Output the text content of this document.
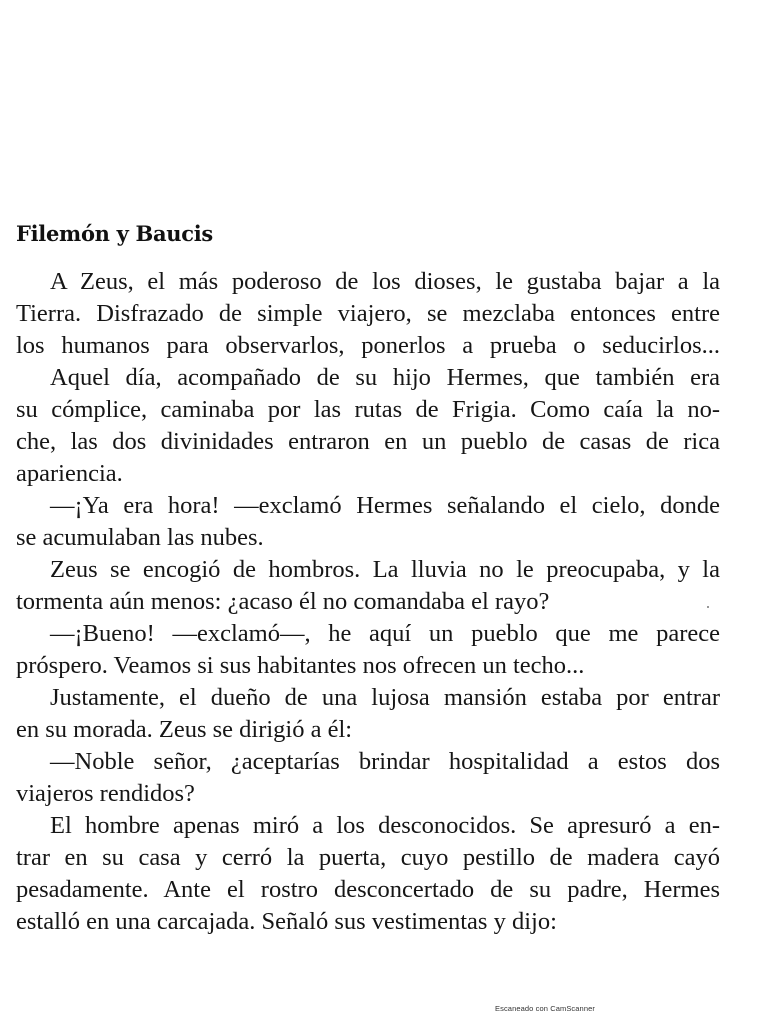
Filemón y Baucis
A Zeus, el más poderoso de los dioses, le gustaba bajar a la
Tierra. Disfrazado de simple viajero, se mezclaba entonces entre
los humanos para observarlos, ponerlos a prueba o seducirlos...
Aquel día, acompañado de su hijo Hermes, que también era
su cómplice, caminaba por las rutas de Frigia. Como caía la no-
che, las dos divinidades entraron en un pueblo de casas de rica
apariencia.
—¡Ya era hora! —exclamó Hermes señalando el cielo, donde
se acumulaban las nubes.
Zeus se encogió de hombros. La lluvia no le preocupaba, y la
tormenta aún menos: ¿acaso él no comandaba el rayo?
—¡Bueno! —exclamó—, he aquí un pueblo que me parece
próspero. Veamos si sus habitantes nos ofrecen un techo...
Justamente, el dueño de una lujosa mansión estaba por entrar
en su morada. Zeus se dirigió a él:
—Noble señor, ¿aceptarías brindar hospitalidad a estos dos
viajeros rendidos?
El hombre apenas miró a los desconocidos. Se apresuró a en-
trar en su casa y cerró la puerta, cuyo pestillo de madera cayó
pesadamente. Ante el rostro desconcertado de su padre, Hermes
estalló en una carcajada. Señaló sus vestimentas y dijo:
Escaneado con CamScanner
